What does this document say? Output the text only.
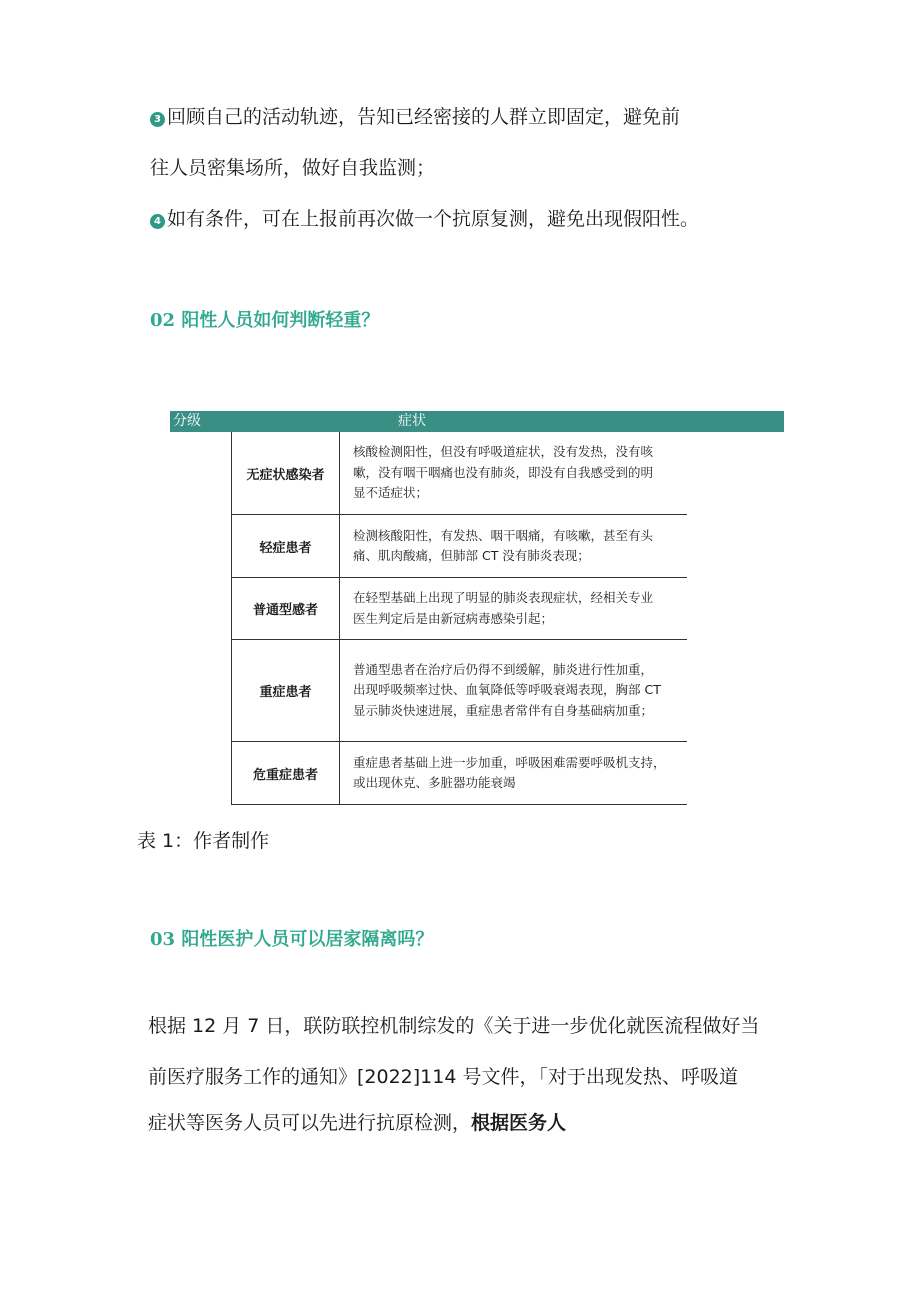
3 回顾自己的活动轨迹，告知已经密接的人群立即固定，避免前
往人员密集场所，做好自我监测；
4 如有条件，可在上报前再次做一个抗原复测，避免出现假阳性。
02 阳性人员如何判断轻重？
分级	症状
无症状感染者
核酸检测阳性，但没有呼吸道症状，没有发热，没有咳
嗽，没有咽干咽痛也没有肺炎，即没有自我感受到的明
显不适症状；
轻症患者
检测核酸阳性，有发热、咽干咽痛，有咳嗽，甚至有头
痛、肌肉酸痛，但肺部 CT 没有肺炎表现；
普通型感者
在轻型基础上出现了明显的肺炎表现症状，经相关专业
医生判定后是由新冠病毒感染引起；
重症患者
普通型患者在治疗后仍得不到缓解，肺炎进行性加重，
出现呼吸频率过快、血氧降低等呼吸衰竭表现，胸部 CT
显示肺炎快速进展，重症患者常伴有自身基础病加重；
危重症患者
重症患者基础上进一步加重，呼吸困难需要呼吸机支持，
或出现休克、多脏器功能衰竭
表 1：作者制作
03 阳性医护人员可以居家隔离吗？
根据 12 月 7 日，联防联控机制综发的《关于进一步优化就医流程做好当
前医疗服务工作的通知》[2022]114 号文件，「对于出现发热、呼吸道
症状等医务人员可以先进行抗原检测，根据医务人
